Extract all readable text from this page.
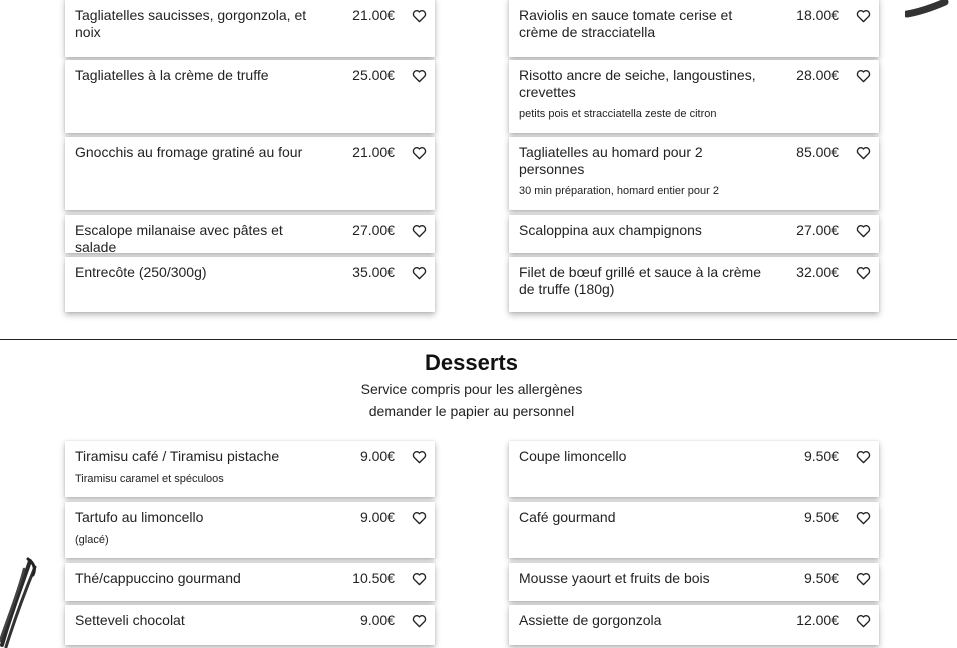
Tagliatelles saucisses, gorgonzola, et noix
21.00€
Tagliatelles à la crème de truffe	25.00€
Gnocchis au fromage gratiné au four	21.00€
Escalope milanaise avec pâtes et salade
27.00€
Entrecôte (250/300g)	35.00€
Raviolis en sauce tomate cerise et crème de stracciatella
18.00€
Risotto ancre de seiche, langoustines, crevettes
petits pois et stracciatella zeste de citron
28.00€
Tagliatelles au homard pour 2 personnes
30 min préparation, homard entier pour 2
85.00€
Scaloppina aux champignons	27.00€
Filet de bœuf grillé et sauce à la crème de truffe (180g)
32.00€
Desserts
Service compris pour les allergènes
demander le papier au personnel
Tiramisu café / Tiramisu pistache
Tiramisu caramel et spéculoos
9.00€
Tartufo au limoncello
(glacé)
9.00€
Thé/cappuccino gourmand	10.50€
Setteveli chocolat	9.00€
Coupe limoncello	9.50€
Café gourmand	9.50€
Mousse yaourt et fruits de bois	9.50€
Assiette de gorgonzola	12.00€
